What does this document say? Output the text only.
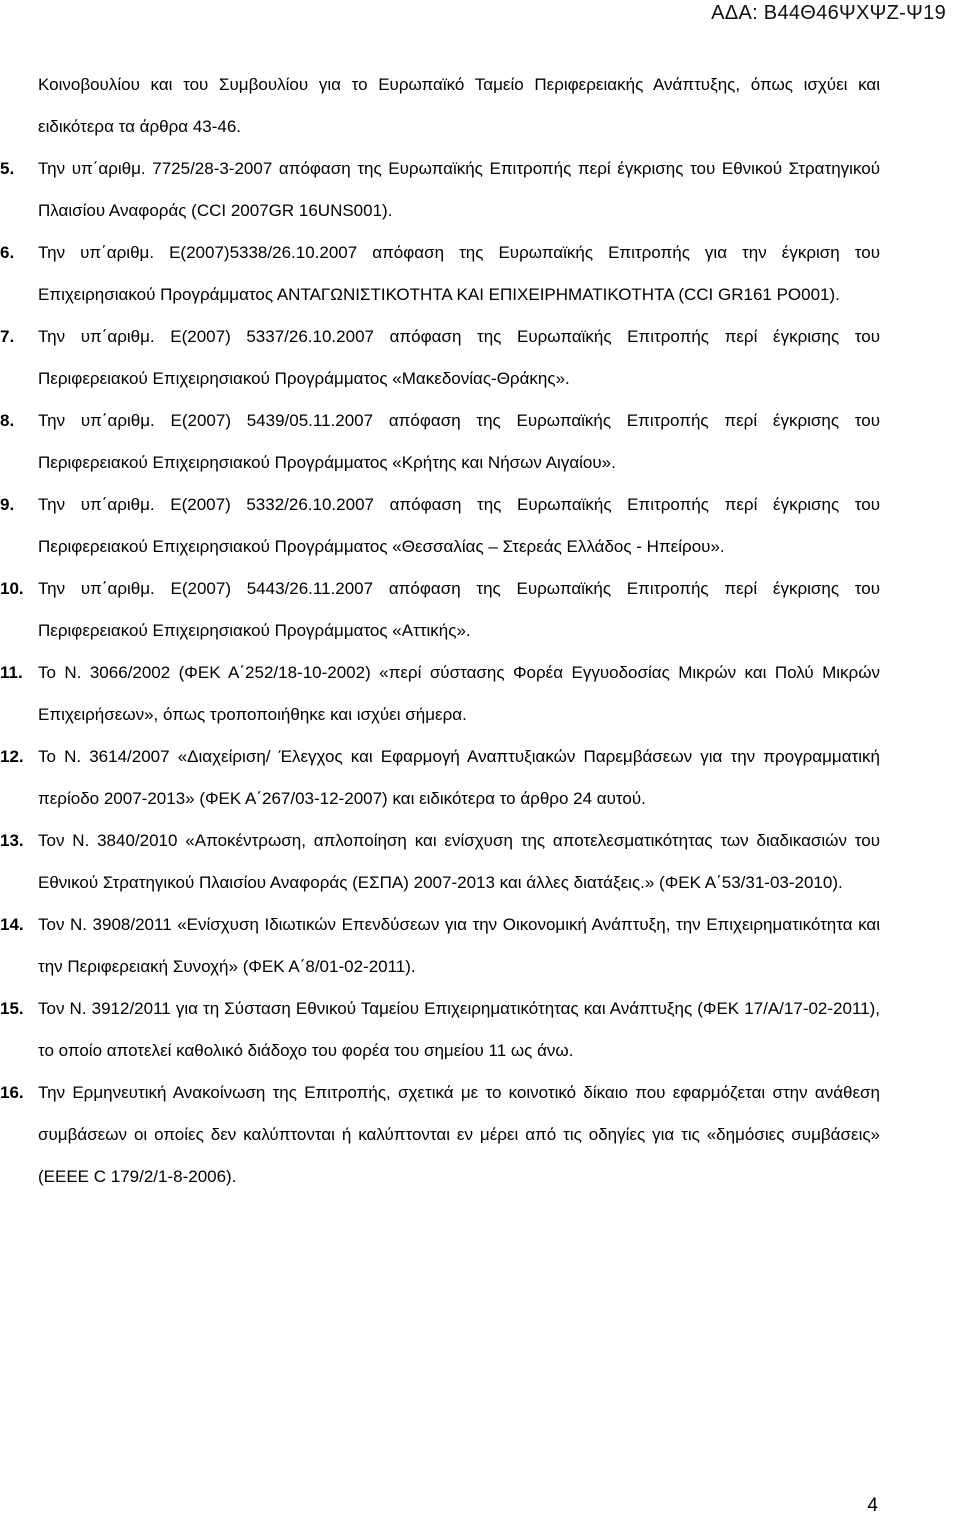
ΑΔΑ: Β44Θ46ΨΧΨΖ-Ψ19

Κοινοβουλίου και του Συμβουλίου για το Ευρωπαϊκό Ταμείο Περιφερειακής Ανάπτυξης, όπως ισχύει και ειδικότερα τα άρθρα 43-46.

5.	Την υπ΄αριθμ. 7725/28-3-2007 απόφαση της Ευρωπαϊκής Επιτροπής περί έγκρισης του Εθνικού Στρατηγικού Πλαισίου Αναφοράς (CCI 2007GR 16UNS001).

6.	Την υπ΄αριθμ. Ε(2007)5338/26.10.2007 απόφαση της Ευρωπαϊκής Επιτροπής για την έγκριση του Επιχειρησιακού Προγράμματος ΑΝΤΑΓΩΝΙΣΤΙΚΟΤΗΤΑ ΚΑΙ ΕΠΙΧΕΙΡΗΜΑΤΙΚΟΤΗΤΑ (CCI GR161 PO001).

7.	Την υπ΄αριθμ. Ε(2007) 5337/26.10.2007 απόφαση της Ευρωπαϊκής Επιτροπής περί έγκρισης του Περιφερειακού Επιχειρησιακού Προγράμματος «Μακεδονίας-Θράκης».

8.	Την υπ΄αριθμ. Ε(2007) 5439/05.11.2007 απόφαση της Ευρωπαϊκής Επιτροπής περί έγκρισης του Περιφερειακού Επιχειρησιακού Προγράμματος «Κρήτης και Νήσων Αιγαίου».

9.	Την υπ΄αριθμ. Ε(2007) 5332/26.10.2007 απόφαση της Ευρωπαϊκής Επιτροπής περί έγκρισης του Περιφερειακού Επιχειρησιακού Προγράμματος «Θεσσαλίας – Στερεάς Ελλάδος - Ηπείρου».

10. Την υπ΄αριθμ. Ε(2007) 5443/26.11.2007 απόφαση της Ευρωπαϊκής Επιτροπής περί έγκρισης του Περιφερειακού Επιχειρησιακού Προγράμματος «Αττικής».

11. Το Ν. 3066/2002 (ΦΕΚ Α΄252/18-10-2002) «περί σύστασης Φορέα Εγγυοδοσίας Μικρών και Πολύ Μικρών Επιχειρήσεων», όπως τροποποιήθηκε και ισχύει σήμερα.

12. Το Ν. 3614/2007 «Διαχείριση/ Έλεγχος και Εφαρμογή Αναπτυξιακών Παρεμβάσεων για την προγραμματική περίοδο 2007-2013» (ΦΕΚ Α΄267/03-12-2007) και ειδικότερα το άρθρο 24 αυτού.

13. Τον Ν. 3840/2010 «Αποκέντρωση, απλοποίηση και ενίσχυση της αποτελεσματικότητας των διαδικασιών του Εθνικού Στρατηγικού Πλαισίου Αναφοράς (ΕΣΠΑ) 2007-2013 και άλλες διατάξεις.» (ΦΕΚ Α΄53/31-03-2010).

14. Τον Ν. 3908/2011 «Ενίσχυση Ιδιωτικών Επενδύσεων για την Οικονομική Ανάπτυξη, την Επιχειρηματικότητα και την Περιφερειακή Συνοχή» (ΦΕΚ Α΄8/01-02-2011).

15. Τον Ν. 3912/2011 για τη Σύσταση Εθνικού Ταμείου Επιχειρηματικότητας και Ανάπτυξης (ΦΕΚ 17/Α/17-02-2011), το οποίο αποτελεί καθολικό διάδοχο του φορέα του σημείου 11 ως άνω.

16. Την Ερμηνευτική Ανακοίνωση της Επιτροπής, σχετικά με το κοινοτικό δίκαιο που εφαρμόζεται στην ανάθεση συμβάσεων οι οποίες δεν καλύπτονται ή καλύπτονται εν μέρει από τις οδηγίες για τις «δημόσιες συμβάσεις» (ΕΕΕΕ C 179/2/1-8-2006).

4
